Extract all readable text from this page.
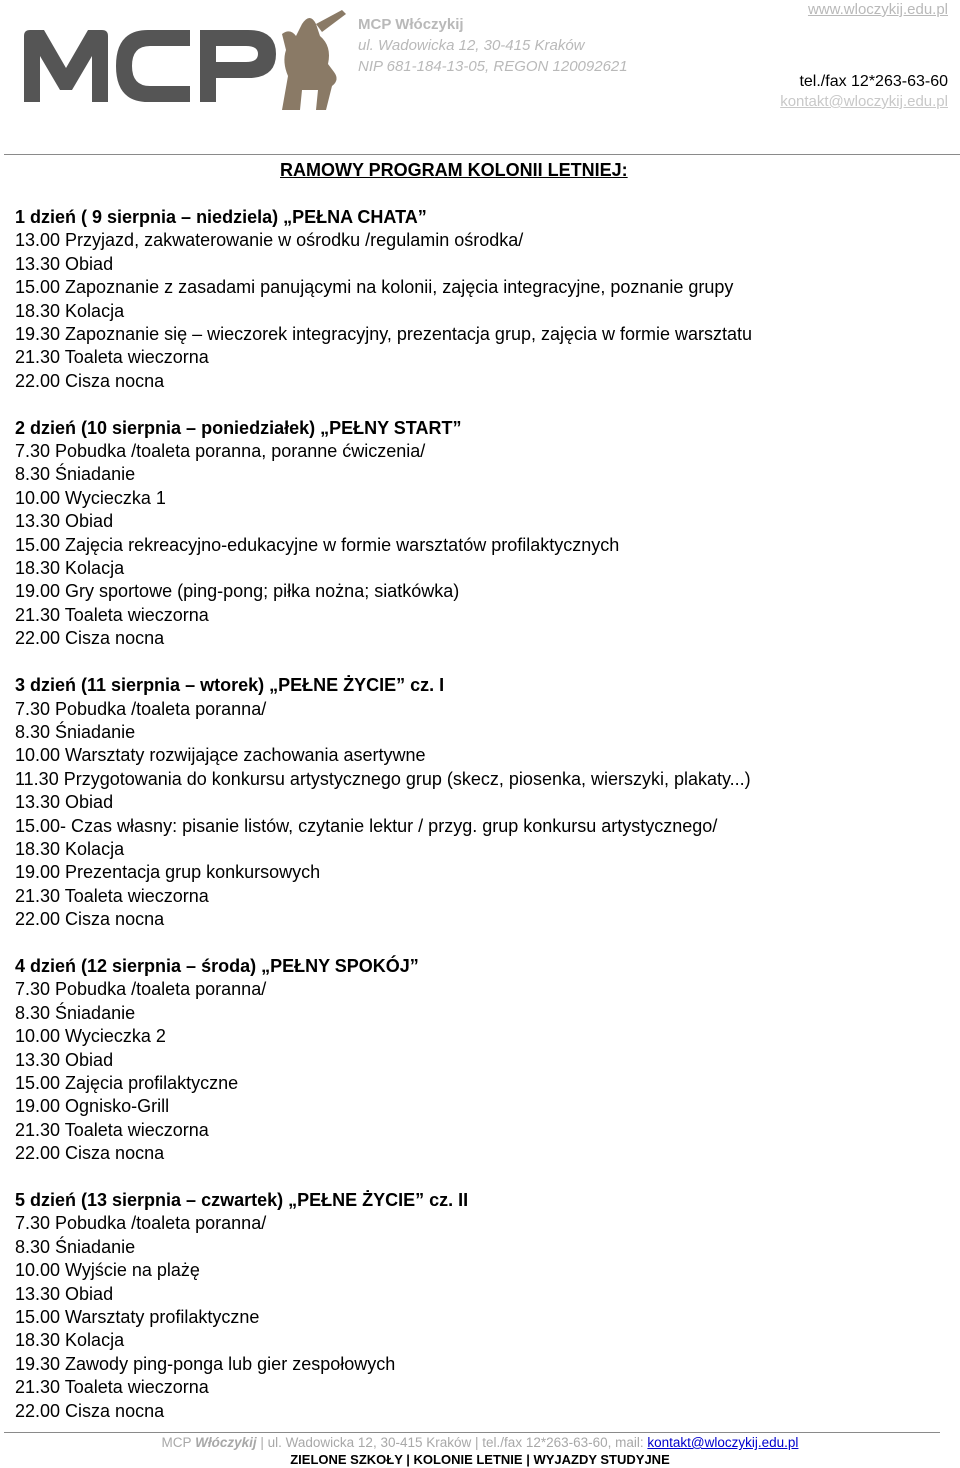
MCP Włóczykij
ul. Wadowicka 12, 30-415 Kraków
NIP 681-184-13-05, REGON 120092621
www.wloczykij.edu.pl
tel./fax 12*263-63-60
kontakt@wloczykij.edu.pl
RAMOWY PROGRAM KOLONII LETNIEJ:
1 dzień ( 9 sierpnia – niedziela) „PEŁNA CHATA”
13.00 Przyjazd, zakwaterowanie w ośrodku /regulamin ośrodka/
13.30 Obiad
15.00 Zapoznanie z zasadami panującymi na kolonii, zajęcia integracyjne, poznanie grupy
18.30 Kolacja
19.30 Zapoznanie się – wieczorek integracyjny, prezentacja grup, zajęcia w formie warsztatu
21.30 Toaleta wieczorna
22.00 Cisza nocna
2 dzień (10 sierpnia – poniedziałek) „PEŁNY START”
7.30 Pobudka /toaleta poranna, poranne ćwiczenia/
8.30 Śniadanie
10.00 Wycieczka 1
13.30 Obiad
15.00 Zajęcia rekreacyjno-edukacyjne w formie warsztatów profilaktycznych
18.30 Kolacja
19.00 Gry sportowe (ping-pong; piłka nożna; siatkówka)
21.30 Toaleta wieczorna
22.00 Cisza nocna
3 dzień (11 sierpnia – wtorek) „PEŁNE ŻYCIE” cz. I
7.30 Pobudka /toaleta poranna/
8.30 Śniadanie
10.00 Warsztaty rozwijające zachowania asertywne
11.30 Przygotowania do konkursu artystycznego grup (skecz, piosenka, wierszyki, plakaty...)
13.30 Obiad
15.00- Czas własny: pisanie listów, czytanie lektur / przyg. grup konkursu artystycznego/
18.30 Kolacja
19.00 Prezentacja grup konkursowych
21.30 Toaleta wieczorna
22.00 Cisza nocna
4 dzień (12 sierpnia – środa) „PEŁNY SPOKÓJ”
7.30 Pobudka /toaleta poranna/
8.30 Śniadanie
10.00 Wycieczka 2
13.30 Obiad
15.00 Zajęcia profilaktyczne
19.00 Ognisko-Grill
21.30 Toaleta wieczorna
22.00 Cisza nocna
5 dzień (13 sierpnia – czwartek) „PEŁNE ŻYCIE” cz. II
7.30 Pobudka /toaleta poranna/
8.30 Śniadanie
10.00 Wyjście na plażę
13.30 Obiad
15.00 Warsztaty profilaktyczne
18.30 Kolacja
19.30 Zawody ping-ponga lub gier zespołowych
21.30 Toaleta wieczorna
22.00 Cisza nocna
MCP Włóczykij | ul. Wadowicka 12, 30-415 Kraków | tel./fax 12*263-63-60, mail: kontakt@wloczykij.edu.pl
ZIELONE SZKOŁY | KOLONIE LETNIE | WYJAZDY STUDYJNE
